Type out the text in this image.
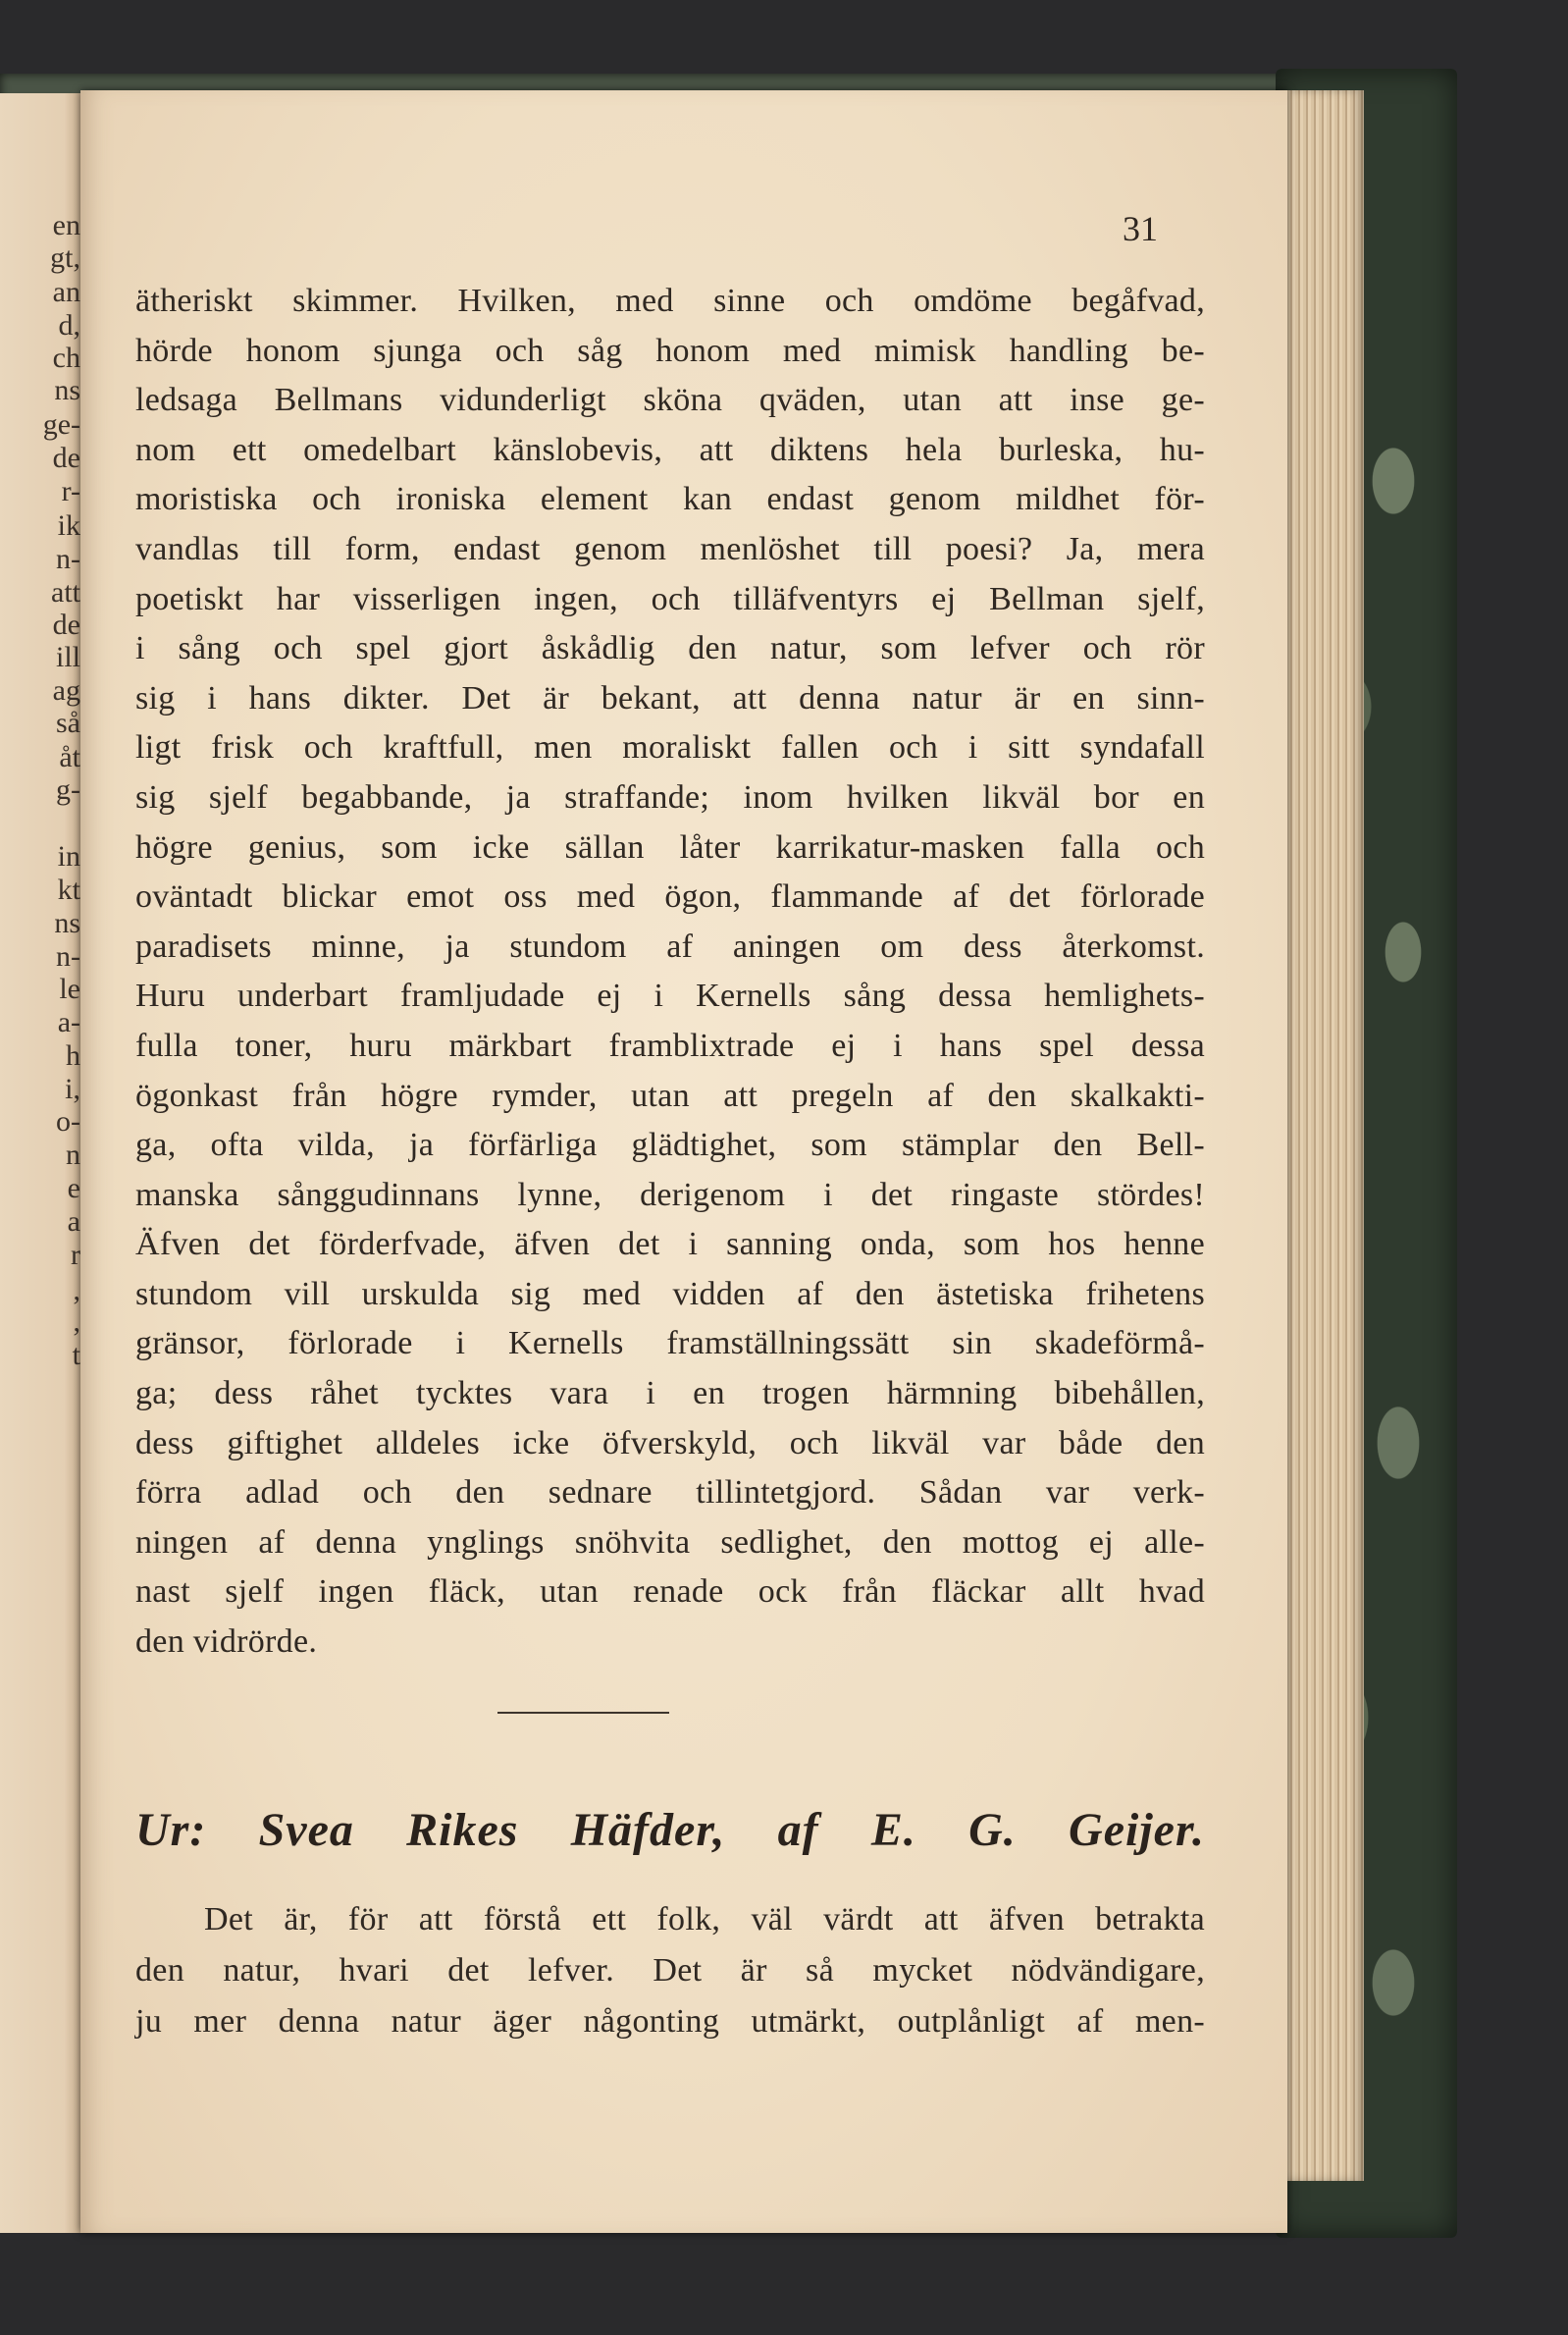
en
gt,
an
d,
ch
ns
ge-
de
r-
ik
n-
att
de
ill
ag
så
åt
g-
in
kt
ns
n-
le
a-
h
i,
o-
n
e
a
r
,
,
t
31
ätheriskt skimmer. Hvilken, med sinne och omdöme begåfvad,
hörde honom sjunga och såg honom med mimisk handling be-
ledsaga Bellmans vidunderligt sköna qväden, utan att inse ge-
nom ett omedelbart känslobevis, att diktens hela burleska, hu-
moristiska och ironiska element kan endast genom mildhet för-
vandlas till form, endast genom menlöshet till poesi? Ja, mera
poetiskt har visserligen ingen, och tilläfventyrs ej Bellman sjelf,
i sång och spel gjort åskådlig den natur, som lefver och rör
sig i hans dikter. Det är bekant, att denna natur är en sinn-
ligt frisk och kraftfull, men moraliskt fallen och i sitt syndafall
sig sjelf begabbande, ja straffande; inom hvilken likväl bor en
högre genius, som icke sällan låter karrikatur-masken falla och
oväntadt blickar emot oss med ögon, flammande af det förlorade
paradisets minne, ja stundom af aningen om dess återkomst.
Huru underbart framljudade ej i Kernells sång dessa hemlighets-
fulla toner, huru märkbart framblixtrade ej i hans spel dessa
ögonkast från högre rymder, utan att pregeln af den skalkakti-
ga, ofta vilda, ja förfärliga glädtighet, som stämplar den Bell-
manska sånggudinnans lynne, derigenom i det ringaste stördes!
Äfven det förderfvade, äfven det i sanning onda, som hos henne
stundom vill urskulda sig med vidden af den ästetiska frihetens
gränsor, förlorade i Kernells framställningssätt sin skadeförmå-
ga; dess råhet tycktes vara i en trogen härmning bibehållen,
dess giftighet alldeles icke öfverskyld, och likväl var både den
förra adlad och den sednare tillintetgjord. Sådan var verk-
ningen af denna ynglings snöhvita sedlighet, den mottog ej alle-
nast sjelf ingen fläck, utan renade ock från fläckar allt hvad
den vidrörde.
Ur: Svea Rikes Häfder, af E. G. Geijer.
Det är, för att förstå ett folk, väl värdt att äfven betrakta
den natur, hvari det lefver. Det är så mycket nödvändigare,
ju mer denna natur äger någonting utmärkt, outplånligt af men-
